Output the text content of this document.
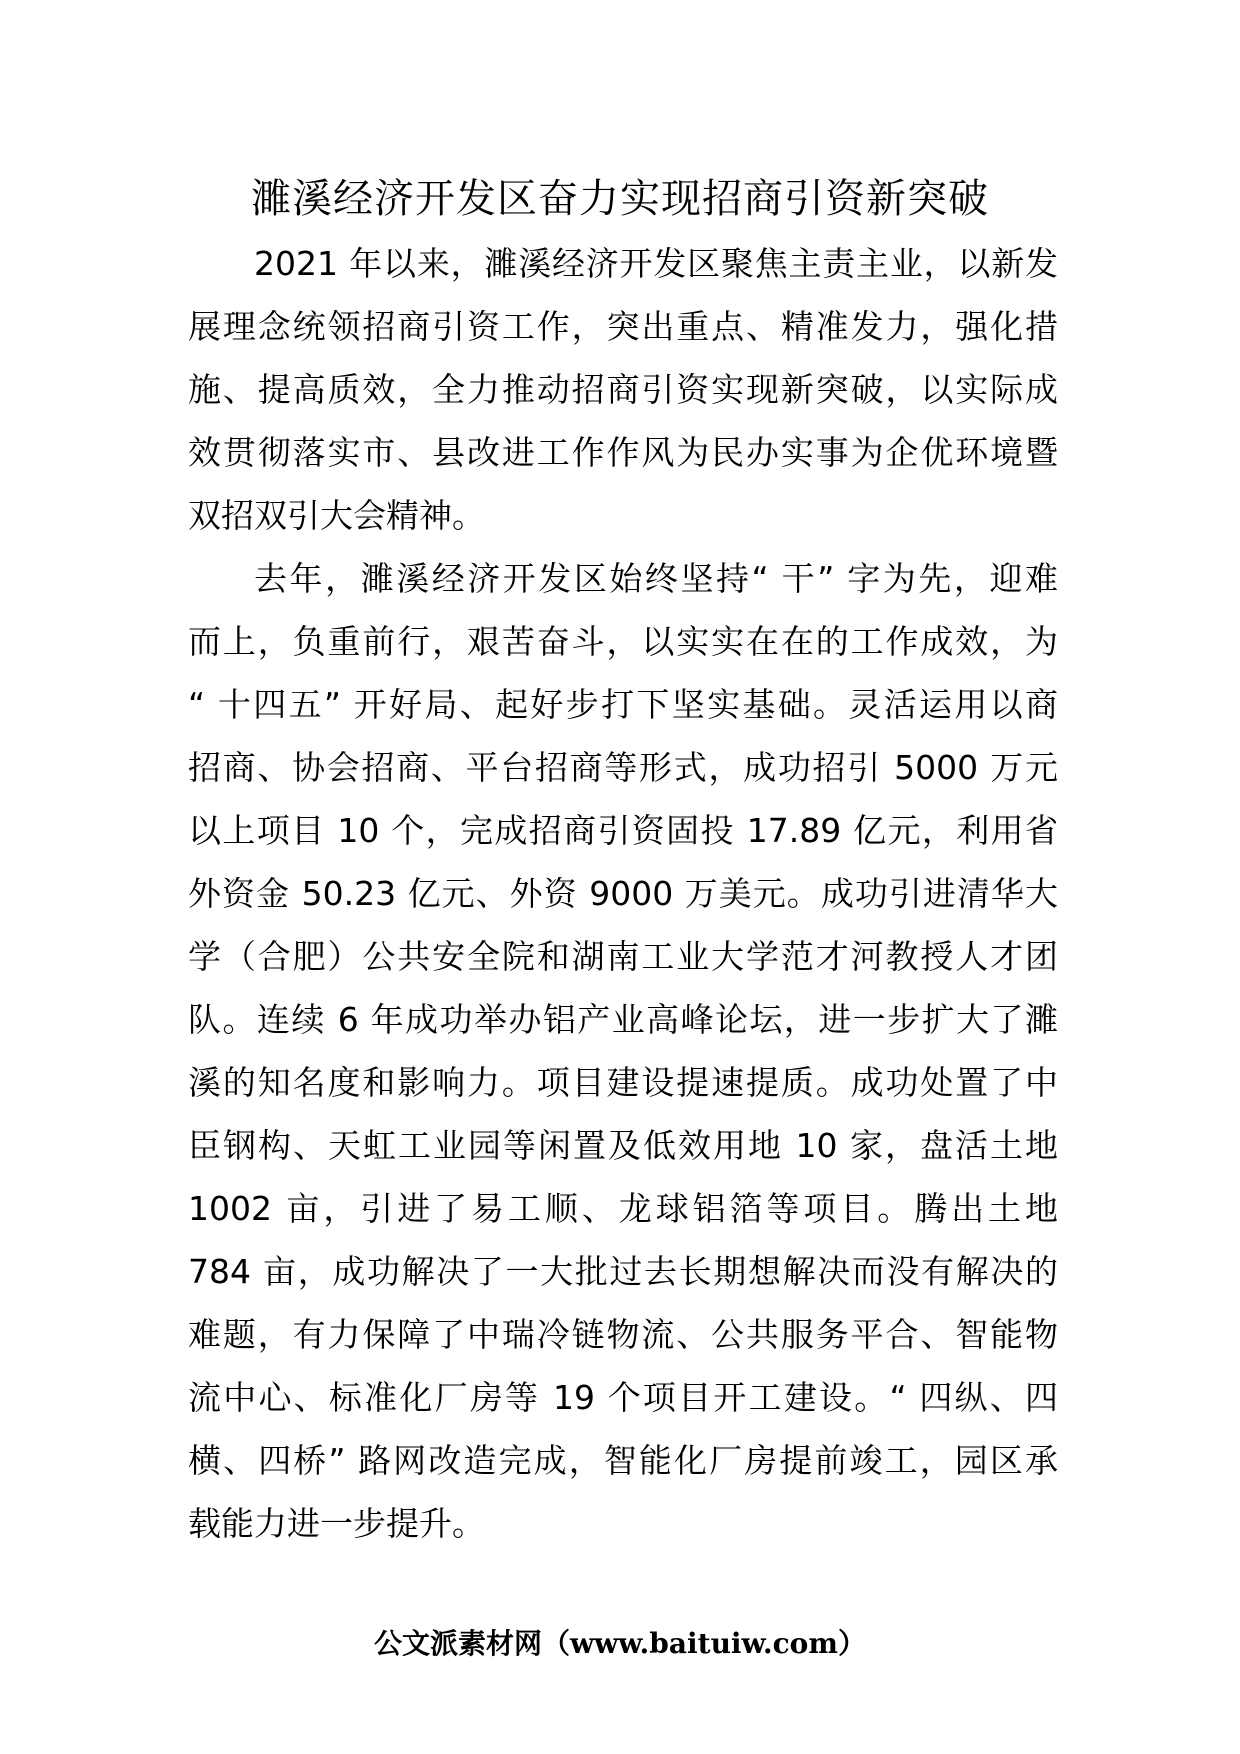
濉溪经济开发区奋力实现招商引资新突破
2021 年以来，濉溪经济开发区聚焦主责主业，以新发
展理念统领招商引资工作，突出重点、精准发力，强化措
施、提高质效，全力推动招商引资实现新突破，以实际成
效贯彻落实市、县改进工作作风为民办实事为企优环境暨
双招双引大会精神。
去年，濉溪经济开发区始终坚持“ 干” 字为先，迎难
而上，负重前行，艰苦奋斗，以实实在在的工作成效，为
“ 十四五” 开好局、起好步打下坚实基础。灵活运用以商
招商、协会招商、平台招商等形式，成功招引 5000 万元
以上项目 10 个，完成招商引资固投 17.89 亿元，利用省
外资金 50.23 亿元、外资 9000 万美元。成功引进清华大
学（合肥）公共安全院和湖南工业大学范才河教授人才团
队。连续 6 年成功举办铝产业高峰论坛，进一步扩大了濉
溪的知名度和影响力。项目建设提速提质。成功处置了中
臣钢构、天虹工业园等闲置及低效用地 10 家，盘活土地
1002 亩，引进了易工顺、龙球铝箔等项目。腾出土地
784 亩，成功解决了一大批过去长期想解决而没有解决的
难题，有力保障了中瑞冷链物流、公共服务平合、智能物
流中心、标准化厂房等 19 个项目开工建设。“ 四纵、四
横、四桥” 路网改造完成，智能化厂房提前竣工，园区承
载能力进一步提升。
公文派素材网（www.baituiw.com）
